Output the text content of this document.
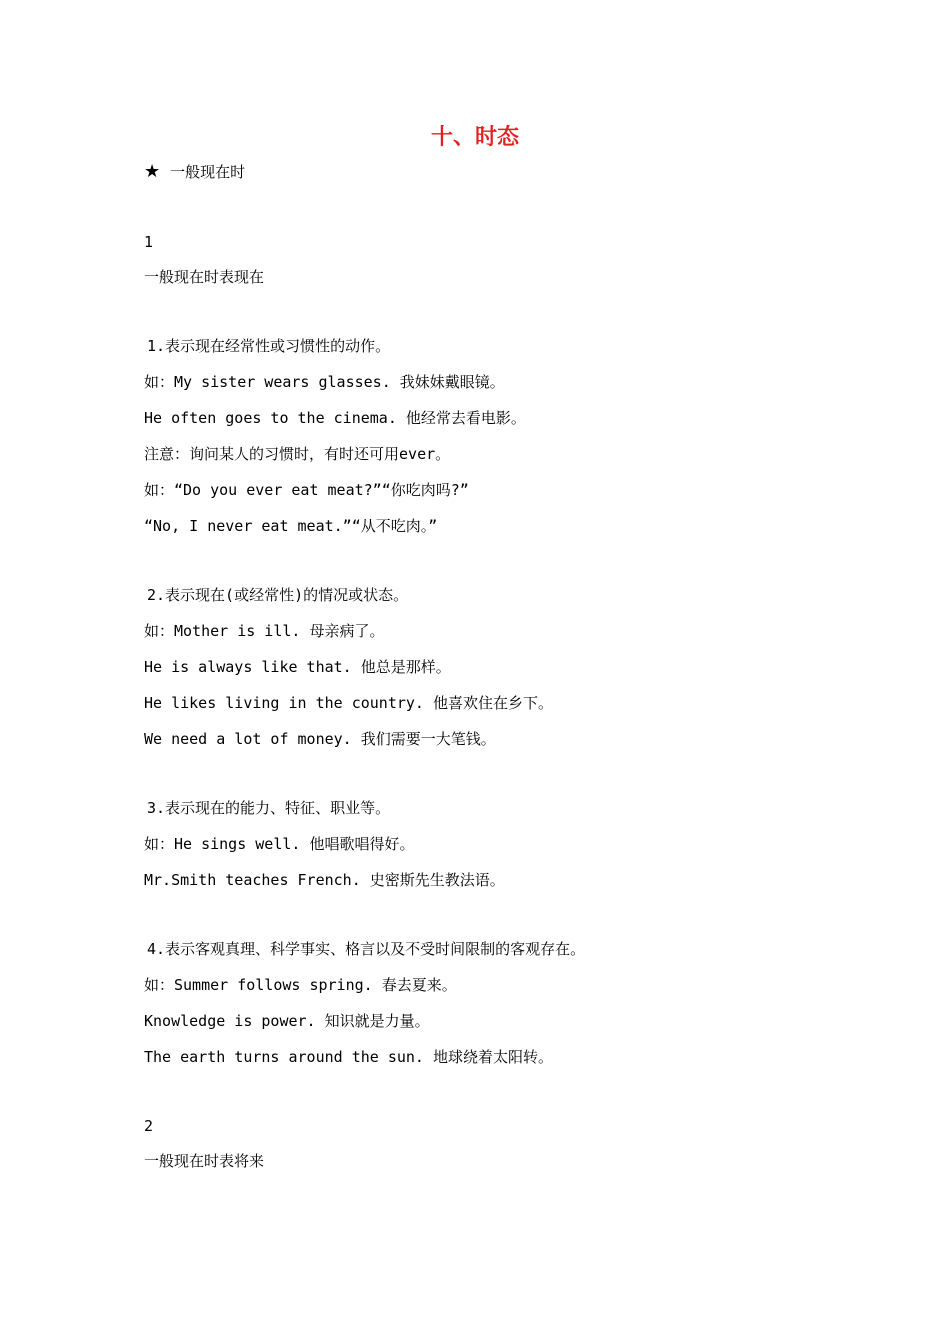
十、时态
★ 一般现在时
1
一般现在时表现在
1.表示现在经常性或习惯性的动作。
如：My sister wears glasses. 我妹妹戴眼镜。
He often goes to the cinema. 他经常去看电影。
注意：询问某人的习惯时，有时还可用ever。
如：“Do you ever eat meat?”“你吃肉吗?”
“No, I never eat meat.”“从不吃肉。”
2.表示现在(或经常性)的情况或状态。
如：Mother is ill. 母亲病了。
He is always like that. 他总是那样。
He likes living in the country. 他喜欢住在乡下。
We need a lot of money. 我们需要一大笔钱。
3.表示现在的能力、特征、职业等。
如：He sings well. 他唱歌唱得好。
Mr.Smith teaches French. 史密斯先生教法语。
4.表示客观真理、科学事实、格言以及不受时间限制的客观存在。
如：Summer follows spring. 春去夏来。
Knowledge is power. 知识就是力量。
The earth turns around the sun. 地球绕着太阳转。
2
一般现在时表将来
